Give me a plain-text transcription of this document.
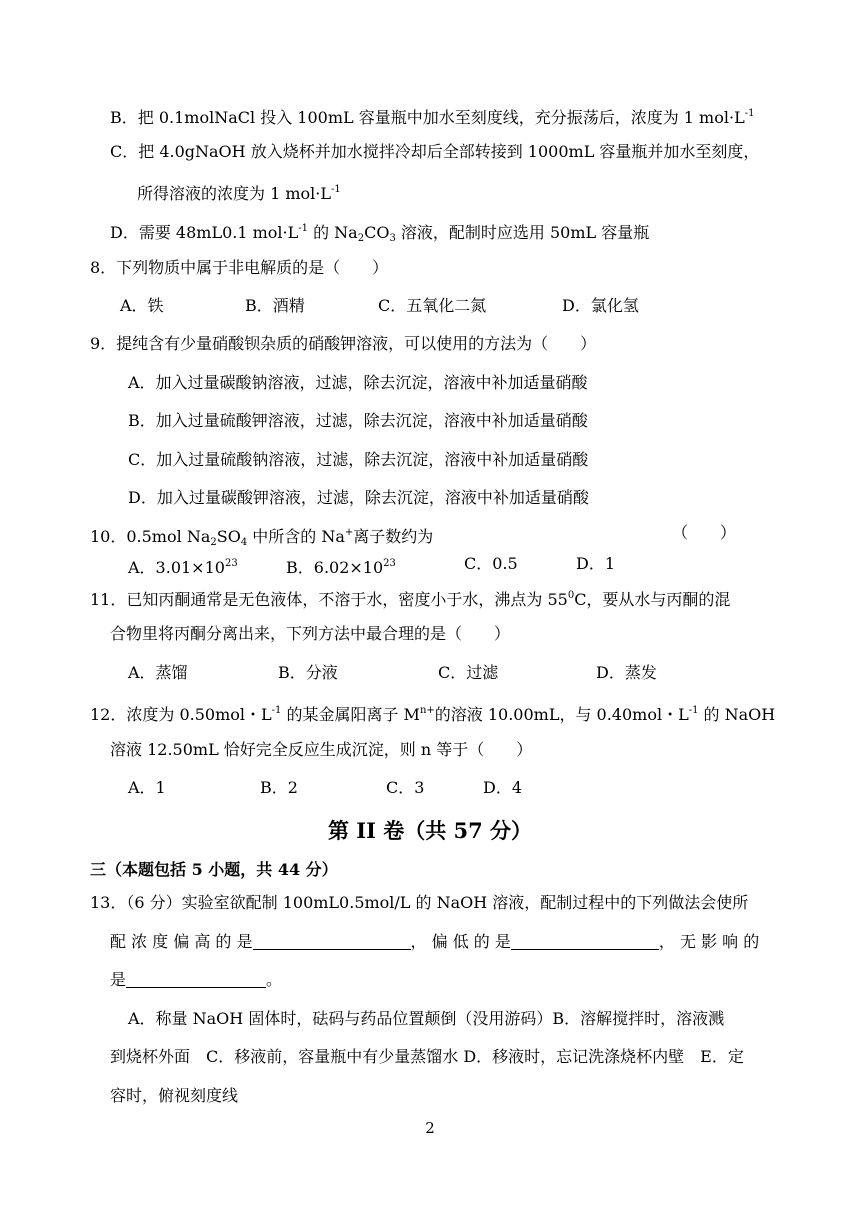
B．把 0.1molNaCl 投入 100mL 容量瓶中加水至刻度线，充分振荡后，浓度为 1 $mol\cdot L^{-1}$
C．把 4.0gNaOH 放入烧杯并加水搅拌冷却后全部转接到 1000mL 容量瓶并加水至刻度，
所得溶液的浓度为 1 $mol\cdot L^{-1}$
D．需要 48mL0.1 $mol\cdot L^{-1}$ 的 $Na_2CO_3$ 溶液，配制时应选用 50mL 容量瓶
8．下列物质中属于非电解质的是（　　）
A．铁	B．酒精	C．五氧化二氮	D．氯化氢
9．提纯含有少量硝酸钡杂质的硝酸钾溶液，可以使用的方法为（　　）
A．加入过量碳酸钠溶液，过滤，除去沉淀，溶液中补加适量硝酸
B．加入过量硫酸钾溶液，过滤，除去沉淀，溶液中补加适量硝酸
C．加入过量硫酸钠溶液，过滤，除去沉淀，溶液中补加适量硝酸
D．加入过量碳酸钾溶液，过滤，除去沉淀，溶液中补加适量硝酸
10．0.5mol $Na_2SO_4$ 中所含的 Na+离子数约为	（　　）
A．$3.01\times 10^{23}$	B．$6.02\times 10^{23}$	C．0.5	D．1
11．已知丙酮通常是无色液体，不溶于水，密度小于水，沸点为 $55^0C$，要从水与丙酮的混
合物里将丙酮分离出来，下列方法中最合理的是（　　）
A．蒸馏	B．分液	C．过滤	D．蒸发
12．浓度为 0.50mol・$L^{-1}$ 的某金属阳离子 $M^{n+}$的溶液 10.00mL，与 0.40mol・$L^{-1}$ 的 NaOH
溶液 12.50mL 恰好完全反应生成沉淀，则 n 等于（　　）
A．1	B．2	C．3	D．4
第 II 卷（共 57 分）
三（本题包括 5 小题，共 44 分）
13．（6 分）实验室欲配制 100mL0.5mol/L 的 NaOH 溶液，配制过程中的下列做法会使所
配 浓 度 偏 高 的 是	， 偏 低 的 是	， 无 影 响 的
是	。
A．称量 NaOH 固体时，砝码与药品位置颠倒（没用游码）B．溶解搅拌时，溶液溅
到烧杯外面　C．移液前，容量瓶中有少量蒸馏水 D．移液时，忘记洗涤烧杯内壁　E．定
容时，俯视刻度线
2
